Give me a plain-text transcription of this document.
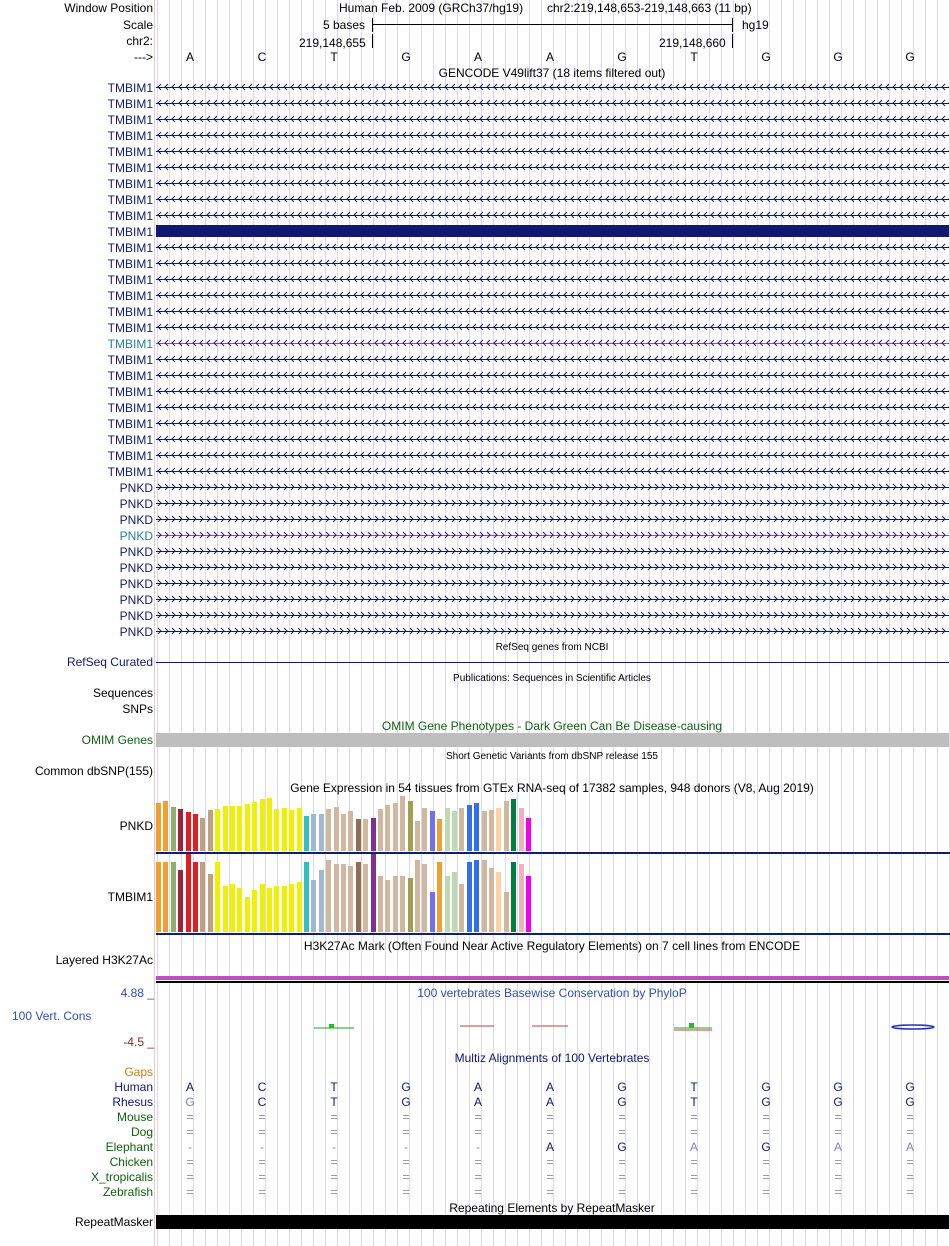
Window Position
Scale
chr2:
--->
Human Feb. 2009 (GRCh37/hg19) chr2:219,148,653-219,148,663 (11 bp)
5 bases	hg19
219,148,655	219,148,660
A	C	T	G	A	A	G	T	G	G	G
GENCODE V49lift37 (18 items filtered out)
TMBIM1
TMBIM1
TMBIM1
TMBIM1
TMBIM1
TMBIM1
TMBIM1
TMBIM1
TMBIM1
TMBIM1
TMBIM1
TMBIM1
TMBIM1
TMBIM1
TMBIM1
TMBIM1
TMBIM1
TMBIM1
TMBIM1
TMBIM1
TMBIM1
TMBIM1
TMBIM1
TMBIM1
TMBIM1
PNKD
PNKD
PNKD
PNKD
PNKD
PNKD
PNKD
PNKD
PNKD
PNKD
RefSeq genes from NCBI
RefSeq Curated
Publications: Sequences in Scientific Articles
Sequences
SNPs
OMIM Gene Phenotypes - Dark Green Can Be Disease-causing
OMIM Genes
Short Genetic Variants from dbSNP release 155
Common dbSNP(155)
Gene Expression in 54 tissues from GTEx RNA-seq of 17382 samples, 948 donors (V8, Aug 2019)
PNKD
TMBIM1
H3K27Ac Mark (Often Found Near Active Regulatory Elements) on 7 cell lines from ENCODE
Layered H3K27Ac
4.88 _	100 vertebrates Basewise Conservation by PhyloP
100 Vert. Cons
-4.5 _
Multiz Alignments of 100 Vertebrates
Gaps
Human	A	C	T	G	A	A	G	T	G	G	G
Rhesus	G	C	T	G	A	A	G	T	G	G	G
Mouse	=	=	=	=	=	=	=	=	=	=	=
Dog	=	=	=	=	=	=	=	=	=	=	=
Elephant	-	-	-	-	-	A	G	A	G	A	A
Chicken	=	=	=	=	=	=	=	=	=	=	=
X_tropicalis	=	=	=	=	=	=	=	=	=	=	=
Zebrafish	=	=	=	=	=	=	=	=	=	=	=
Repeating Elements by RepeatMasker
RepeatMasker
